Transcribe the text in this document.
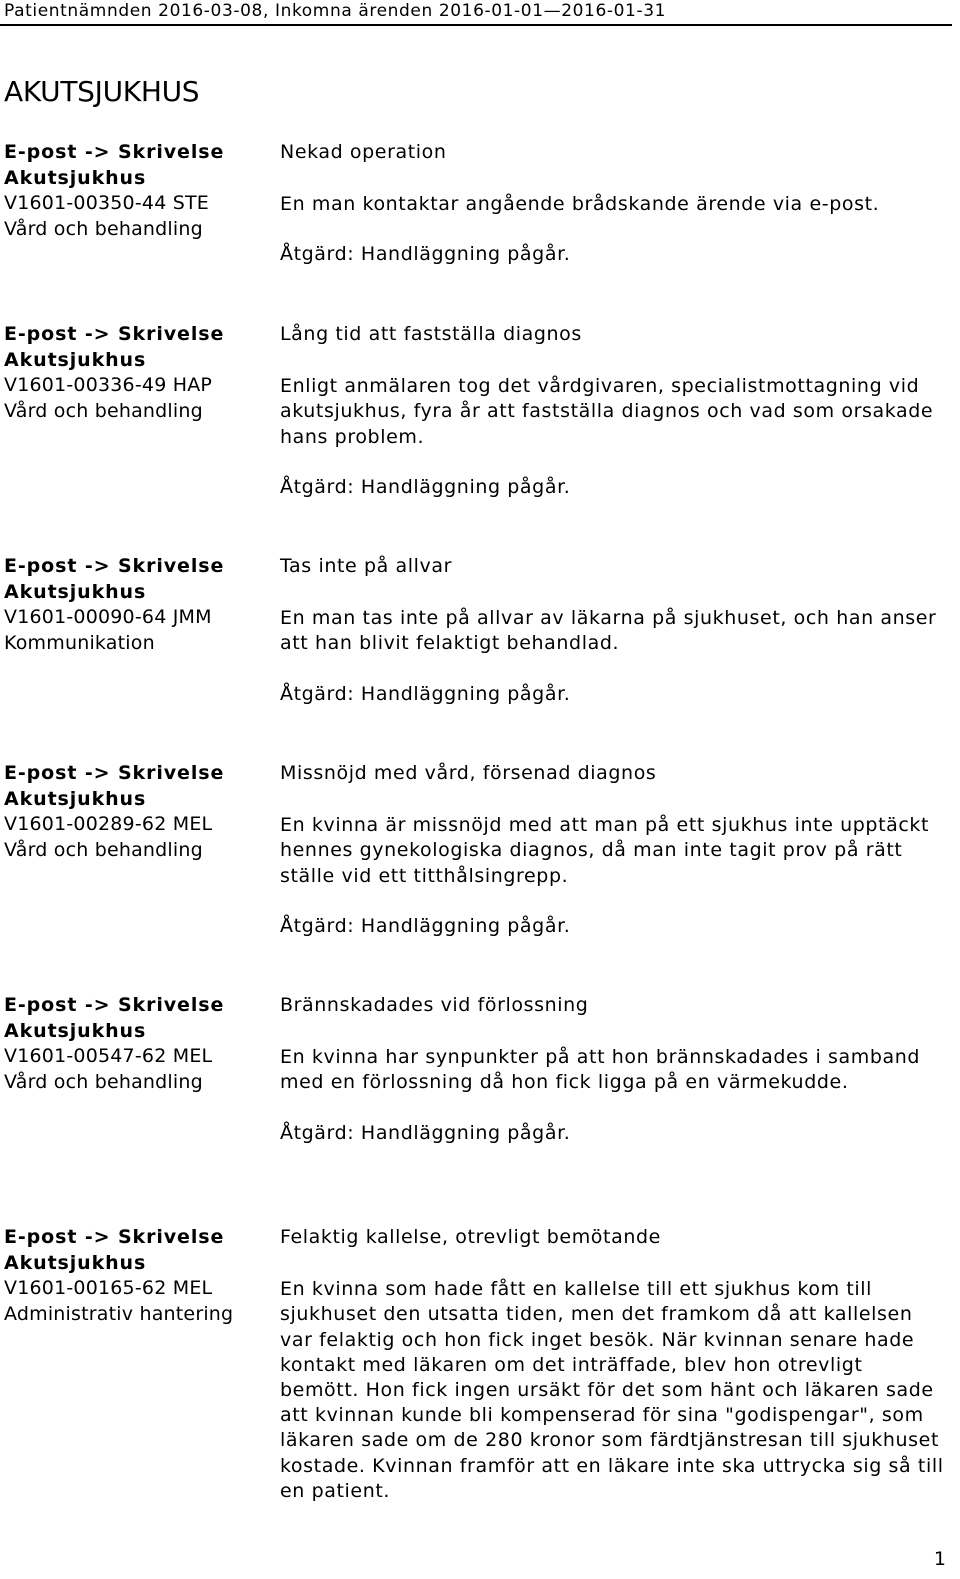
Patientnämnden 2016-03-08, Inkomna ärenden 2016-01-01—2016-01-31
AKUTSJUKHUS
E-post -> Skrivelse
Akutsjukhus
V1601-00350-44 STE
Vård och behandling
Nekad operation
En man kontaktar angående brådskande ärende via e-post.
Åtgärd: Handläggning pågår.
E-post -> Skrivelse
Akutsjukhus
V1601-00336-49 HAP
Vård och behandling
Lång tid att fastställa diagnos
Enligt anmälaren tog det vårdgivaren, specialistmottagning vid akutsjukhus, fyra år att fastställa diagnos och vad som orsakade hans problem.
Åtgärd: Handläggning pågår.
E-post -> Skrivelse
Akutsjukhus
V1601-00090-64 JMM
Kommunikation
Tas inte på allvar
En man tas inte på allvar av läkarna på sjukhuset, och han anser att han blivit felaktigt behandlad.
Åtgärd: Handläggning pågår.
E-post -> Skrivelse
Akutsjukhus
V1601-00289-62 MEL
Vård och behandling
Missnöjd med vård, försenad diagnos
En kvinna är missnöjd med att man på ett sjukhus inte upptäckt hennes gynekologiska diagnos, då man inte tagit prov på rätt ställe vid ett titthålsingrepp.
Åtgärd: Handläggning pågår.
E-post -> Skrivelse
Akutsjukhus
V1601-00547-62 MEL
Vård och behandling
Brännskadades vid förlossning
En kvinna har synpunkter på att hon brännskadades i samband med en förlossning då hon fick ligga på en värmekudde.
Åtgärd: Handläggning pågår.
E-post -> Skrivelse
Akutsjukhus
V1601-00165-62 MEL
Administrativ hantering
Felaktig kallelse, otrevligt bemötande
En kvinna som hade fått en kallelse till ett sjukhus kom till sjukhuset den utsatta tiden, men det framkom då att kallelsen var felaktig och hon fick inget besök. När kvinnan senare hade kontakt med läkaren om det inträffade, blev hon otrevligt bemött. Hon fick ingen ursäkt för det som hänt och läkaren sade att kvinnan kunde bli kompenserad för sina "godispengar", som läkaren sade om de 280 kronor som färdtjänstresan till sjukhuset kostade. Kvinnan framför att en läkare inte ska uttrycka sig så till en patient.
1
